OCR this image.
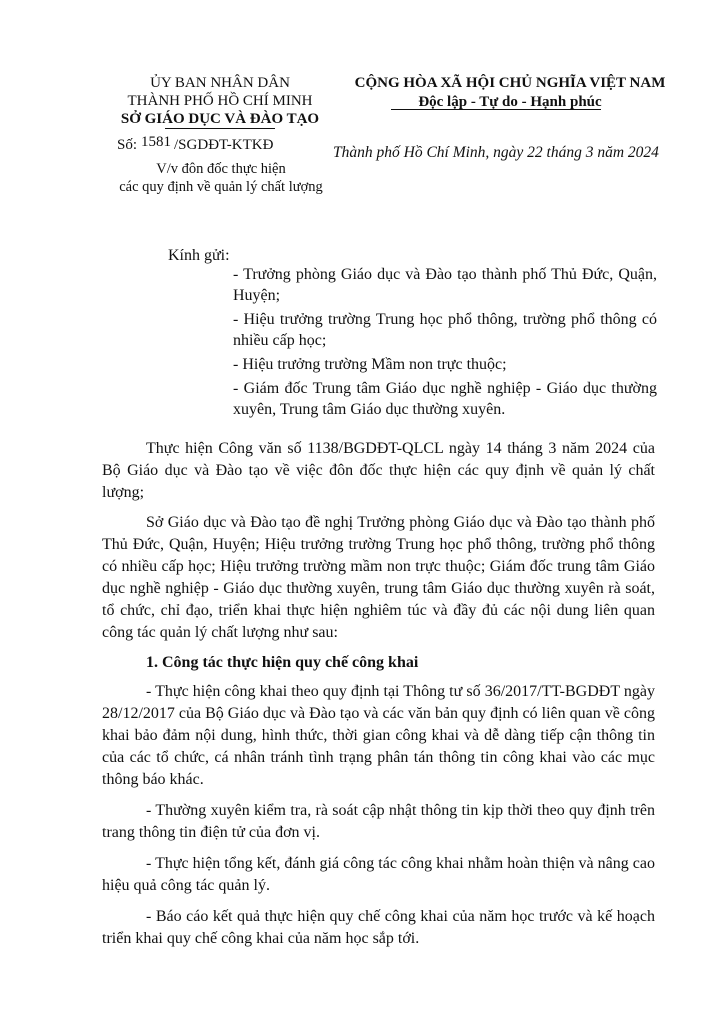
ỦY BAN NHÂN DÂN
THÀNH PHỐ HỒ CHÍ MINH
SỞ GIÁO DỤC VÀ ĐÀO TẠO
Số: 1581 /SGDĐT-KTKĐ
V/v đôn đốc thực hiện
các quy định về quản lý chất lượng
CỘNG HÒA XÃ HỘI CHỦ NGHĨA VIỆT NAM
Độc lập - Tự do - Hạnh phúc
Thành phố Hồ Chí Minh, ngày 22 tháng 3 năm 2024
Kính gửi:
- Trưởng phòng Giáo dục và Đào tạo thành phố Thủ Đức, Quận, Huyện;
- Hiệu trưởng trường Trung học phổ thông, trường phổ thông có nhiều cấp học;
- Hiệu trưởng trường Mầm non trực thuộc;
- Giám đốc Trung tâm Giáo dục nghề nghiệp - Giáo dục thường xuyên, Trung tâm Giáo dục thường xuyên.

Thực hiện Công văn số 1138/BGDĐT-QLCL ngày 14 tháng 3 năm 2024 của Bộ Giáo dục và Đào tạo về việc đôn đốc thực hiện các quy định về quản lý chất lượng;

Sở Giáo dục và Đào tạo đề nghị Trưởng phòng Giáo dục và Đào tạo thành phố Thủ Đức, Quận, Huyện; Hiệu trưởng trường Trung học phổ thông, trường phổ thông có nhiều cấp học; Hiệu trưởng trường mầm non trực thuộc; Giám đốc trung tâm Giáo dục nghề nghiệp - Giáo dục thường xuyên, trung tâm Giáo dục thường xuyên rà soát, tổ chức, chỉ đạo, triển khai thực hiện nghiêm túc và đầy đủ các nội dung liên quan công tác quản lý chất lượng như sau:

1. Công tác thực hiện quy chế công khai

- Thực hiện công khai theo quy định tại Thông tư số 36/2017/TT-BGDĐT ngày 28/12/2017 của Bộ Giáo dục và Đào tạo và các văn bản quy định có liên quan về công khai bảo đảm nội dung, hình thức, thời gian công khai và dễ dàng tiếp cận thông tin của các tổ chức, cá nhân tránh tình trạng phân tán thông tin công khai vào các mục thông báo khác.

- Thường xuyên kiểm tra, rà soát cập nhật thông tin kịp thời theo quy định trên trang thông tin điện tử của đơn vị.

- Thực hiện tổng kết, đánh giá công tác công khai nhằm hoàn thiện và nâng cao hiệu quả công tác quản lý.

- Báo cáo kết quả thực hiện quy chế công khai của năm học trước và kế hoạch triển khai quy chế công khai của năm học sắp tới.
